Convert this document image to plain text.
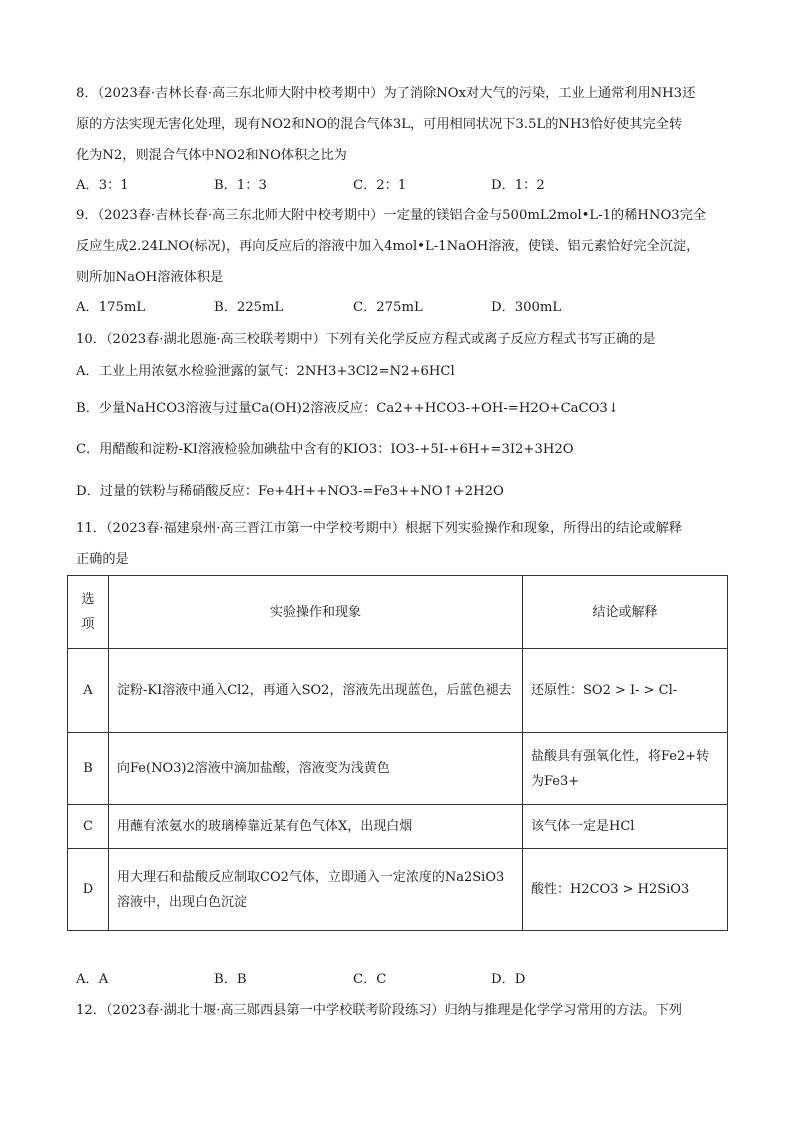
8．（2023春·吉林长春·高三东北师大附中校考期中）为了消除NOx对大气的污染，工业上通常利用NH3还
原的方法实现无害化处理，现有NO2和NO的混合气体3L，可用相同状况下3.5L的NH3恰好使其完全转
化为N2，则混合气体中NO2和NO体积之比为
A．3：1	B．1：3	C．2：1	D．1：2
9．（2023春·吉林长春·高三东北师大附中校考期中）一定量的镁铝合金与500mL2mol•L-1的稀HNO3完全
反应生成2.24LNO(标况)，再向反应后的溶液中加入4mol•L-1NaOH溶液，使镁、铝元素恰好完全沉淀，
则所加NaOH溶液体积是
A．175mL	B．225mL	C．275mL	D．300mL
10．（2023春·湖北恩施·高三校联考期中）下列有关化学反应方程式或离子反应方程式书写正确的是
A．工业上用浓氨水检验泄露的氯气：2NH3+3Cl2=N2+6HCl
B．少量NaHCO3溶液与过量Ca(OH)2溶液反应：Ca2++HCO3-+OH-=H2O+CaCO3↓
C．用醋酸和淀粉-KI溶液检验加碘盐中含有的KIO3：IO3-+5I-+6H+=3I2+3H2O
D．过量的铁粉与稀硝酸反应：Fe+4H++NO3-=Fe3++NO↑+2H2O
11．（2023春·福建泉州·高三晋江市第一中学校考期中）根据下列实验操作和现象，所得出的结论或解释
正确的是
选项	实验操作和现象	结论或解释
A	淀粉-KI溶液中通入Cl2，再通入SO2，溶液先出现蓝色，后蓝色褪去	还原性：SO2 > I- > Cl-
B	向Fe(NO3)2溶液中滴加盐酸，溶液变为浅黄色	盐酸具有强氧化性，将Fe2+转为Fe3+
C	用蘸有浓氨水的玻璃棒靠近某有色气体X，出现白烟	该气体一定是HCl
D	用大理石和盐酸反应制取CO2气体，立即通入一定浓度的Na2SiO3溶液中，出现白色沉淀	酸性：H2CO3 > H2SiO3
A．A	B．B	C．C	D．D
12．（2023春·湖北十堰·高三郧西县第一中学校联考阶段练习）归纳与推理是化学学习常用的方法。下列
